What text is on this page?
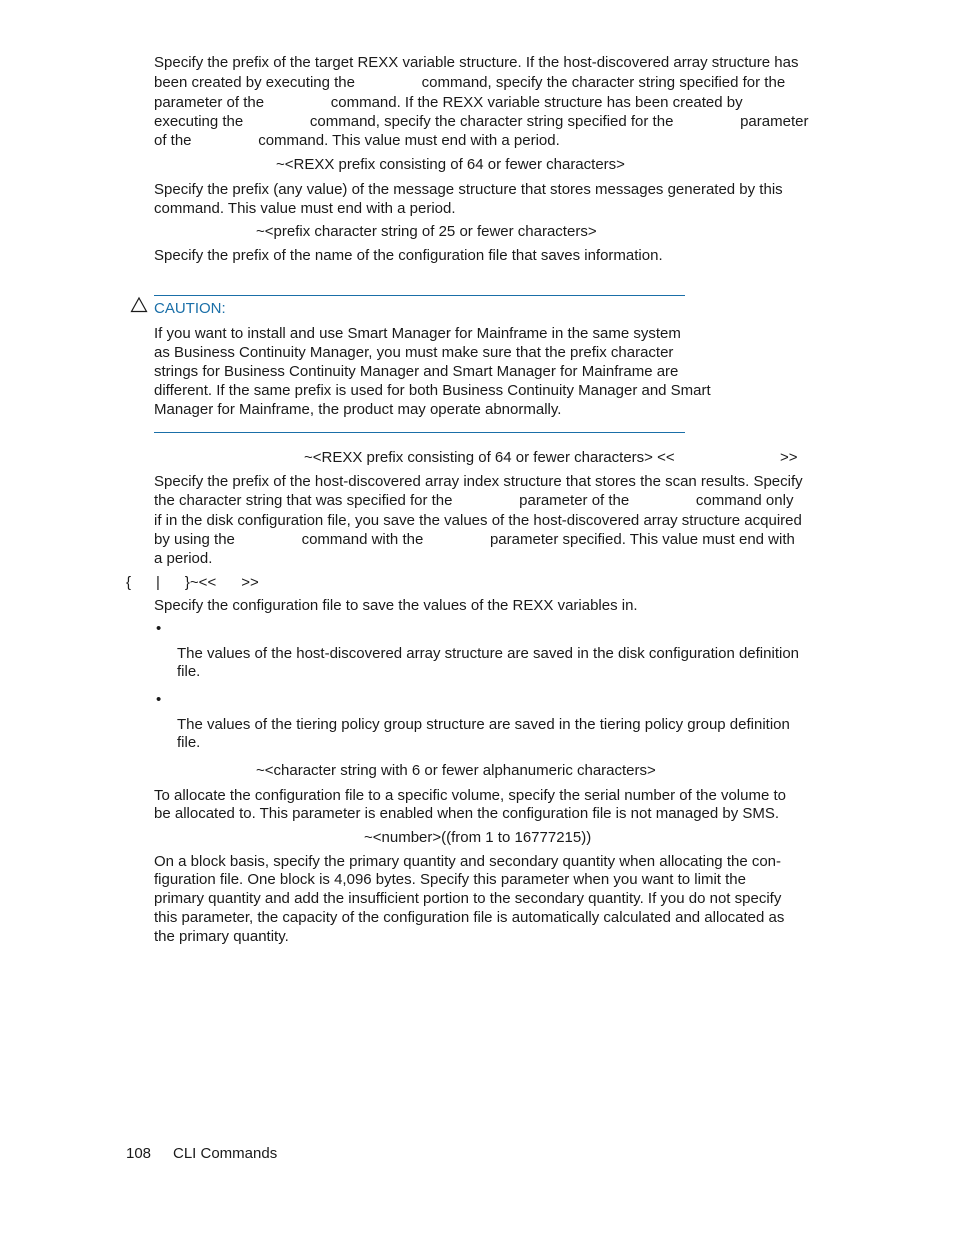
Specify the prefix of the target REXX variable structure. If the host-discovered array structure has
been created by executing the                command, specify the character string specified for the
parameter of the                command. If the REXX variable structure has been created by
executing the                command, specify the character string specified for the                parameter
of the                command. This value must end with a period.
~<REXX prefix consisting of 64 or fewer characters>
Specify the prefix (any value) of the message structure that stores messages generated by this
command. This value must end with a period.
~<prefix character string of 25 or fewer characters>
Specify the prefix of the name of the configuration file that saves information.
CAUTION:
If you want to install and use Smart Manager for Mainframe in the same system
as Business Continuity Manager, you must make sure that the prefix character
strings for Business Continuity Manager and Smart Manager for Mainframe are
different. If the same prefix is used for both Business Continuity Manager and Smart
Manager for Mainframe, the product may operate abnormally.
~<REXX prefix consisting of 64 or fewer characters> <<	>>
Specify the prefix of the host-discovered array index structure that stores the scan results. Specify
the character string that was specified for the                parameter of the                command only
if in the disk configuration file, you save the values of the host-discovered array structure acquired
by using the                command with the                parameter specified. This value must end with
a period.
{      |      }~<<      >>
Specify the configuration file to save the values of the REXX variables in.
•
The values of the host-discovered array structure are saved in the disk configuration definition
file.
•
The values of the tiering policy group structure are saved in the tiering policy group definition
file.
~<character string with 6 or fewer alphanumeric characters>
To allocate the configuration file to a specific volume, specify the serial number of the volume to
be allocated to. This parameter is enabled when the configuration file is not managed by SMS.
~<number>((from 1 to 16777215))
On a block basis, specify the primary quantity and secondary quantity when allocating the con-
figuration file. One block is 4,096 bytes. Specify this parameter when you want to limit the
primary quantity and add the insufficient portion to the secondary quantity. If you do not specify
this parameter, the capacity of the configuration file is automatically calculated and allocated as
the primary quantity.
108 CLI Commands
